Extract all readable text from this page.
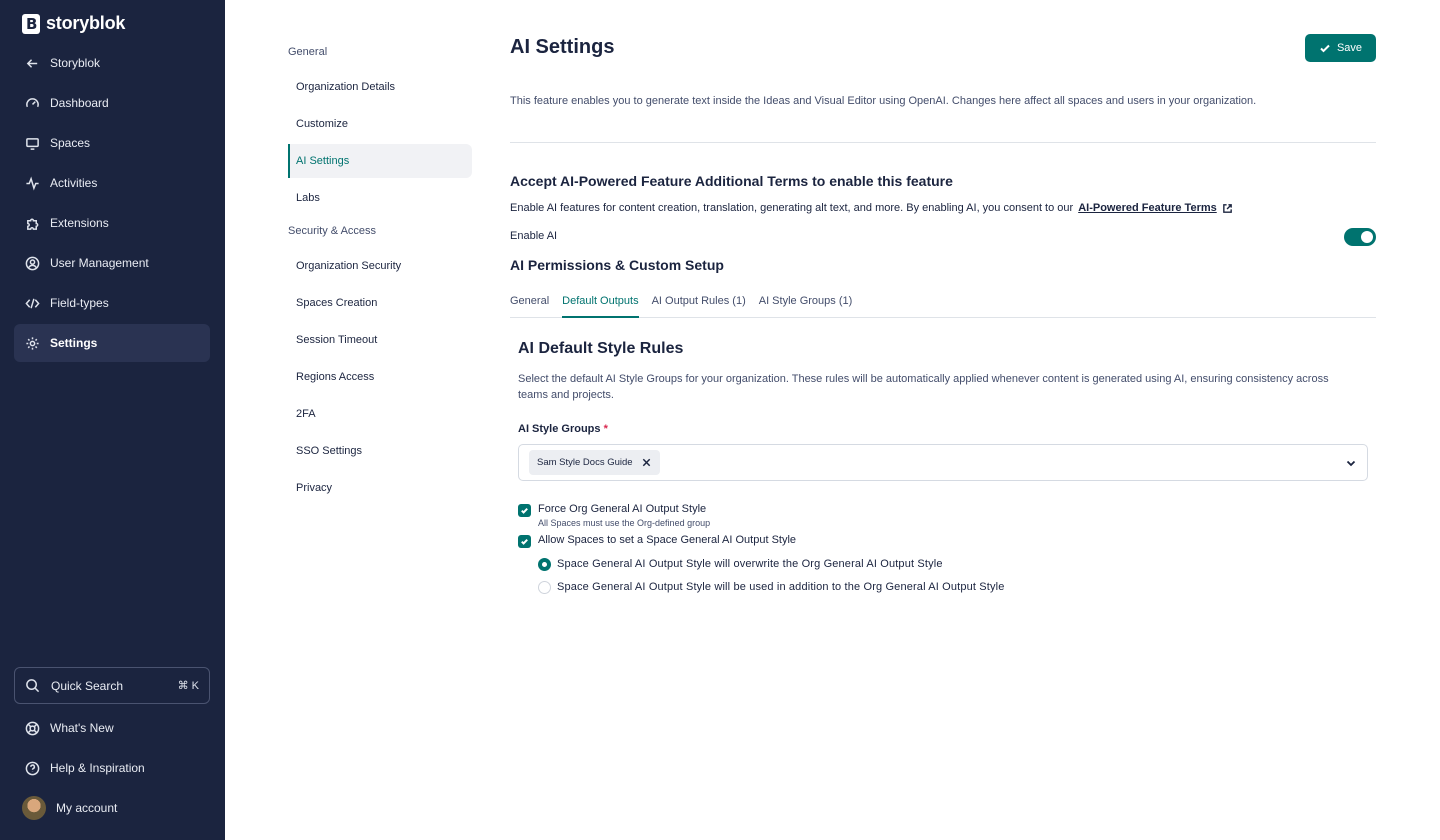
B
storyblok
Storyblok
Dashboard
Spaces
Activities
Extensions
User Management
Field-types
Settings
Quick Search	⌘ K
What's New
Help & Inspiration
My account
General
Organization Details
Customize
AI Settings
Labs
Security & Access
Organization Security
Spaces Creation
Session Timeout
Regions Access
2FA
SSO Settings
Privacy
AI Settings	Save

This feature enables you to generate text inside the Ideas and Visual Editor using OpenAI. Changes here affect all spaces and users in your organization.

Accept AI-Powered Feature Additional Terms to enable this feature
Enable AI features for content creation, translation, generating alt text, and more. By enabling AI, you consent to our AI-Powered Feature Terms
Enable AI
AI Permissions & Custom Setup
General Default Outputs AI Output Rules (1) AI Style Groups (1)
AI Default Style Rules

Select the default AI Style Groups for your organization. These rules will be automatically applied whenever content is generated using AI, ensuring consistency across teams and projects.

AI Style Groups *
Sam Style Docs Guide
Force Org General AI Output Style
All Spaces must use the Org-defined group
Allow Spaces to set a Space General AI Output Style
Space General AI Output Style will overwrite the Org General AI Output Style
Space General AI Output Style will be used in addition to the Org General AI Output Style
